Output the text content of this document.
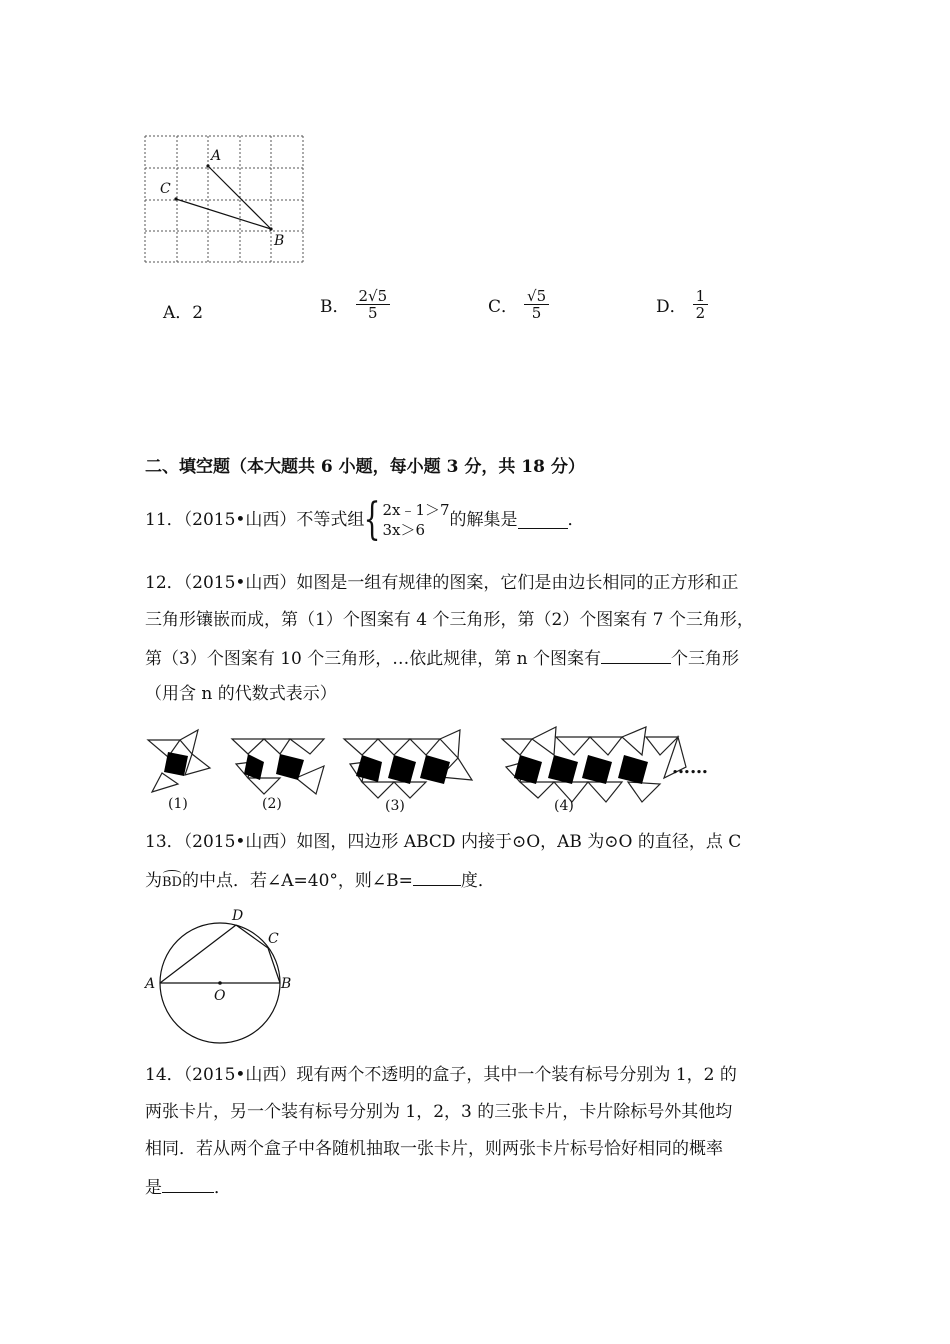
A
C
B
A．2	B． $\frac{2√5}{5}$	C． $\frac{√5}{5}$	D． $\frac{1}{2}$
二、填空题（本大题共 6 小题，每小题 3 分，共 18 分）
11．（2015•山西）不等式组 { 2x﹣1＞7
3x＞6	的解集是	．
12．（2015•山西）如图是一组有规律的图案，它们是由边长相同的正方形和正
三角形镶嵌而成，第（1）个图案有 4 个三角形，第（2）个图案有 7 个三角形，
第（3）个图案有 10 个三角形，…依此规律，第 n 个图案有	个三角形
（用含 n 的代数式表示）
……
(1)	(2)	(3)	(4)
13．（2015•山西）如图，四边形 ABCD 内接于⊙O，AB 为⊙O 的直径，点 C
为BD的中点．若∠A=40°，则∠B=	度．
A	B
C
D
O
14．（2015•山西）现有两个不透明的盒子，其中一个装有标号分别为 1，2 的
两张卡片，另一个装有标号分别为 1，2，3 的三张卡片，卡片除标号外其他均
相同．若从两个盒子中各随机抽取一张卡片，则两张卡片标号恰好相同的概率
是	．
